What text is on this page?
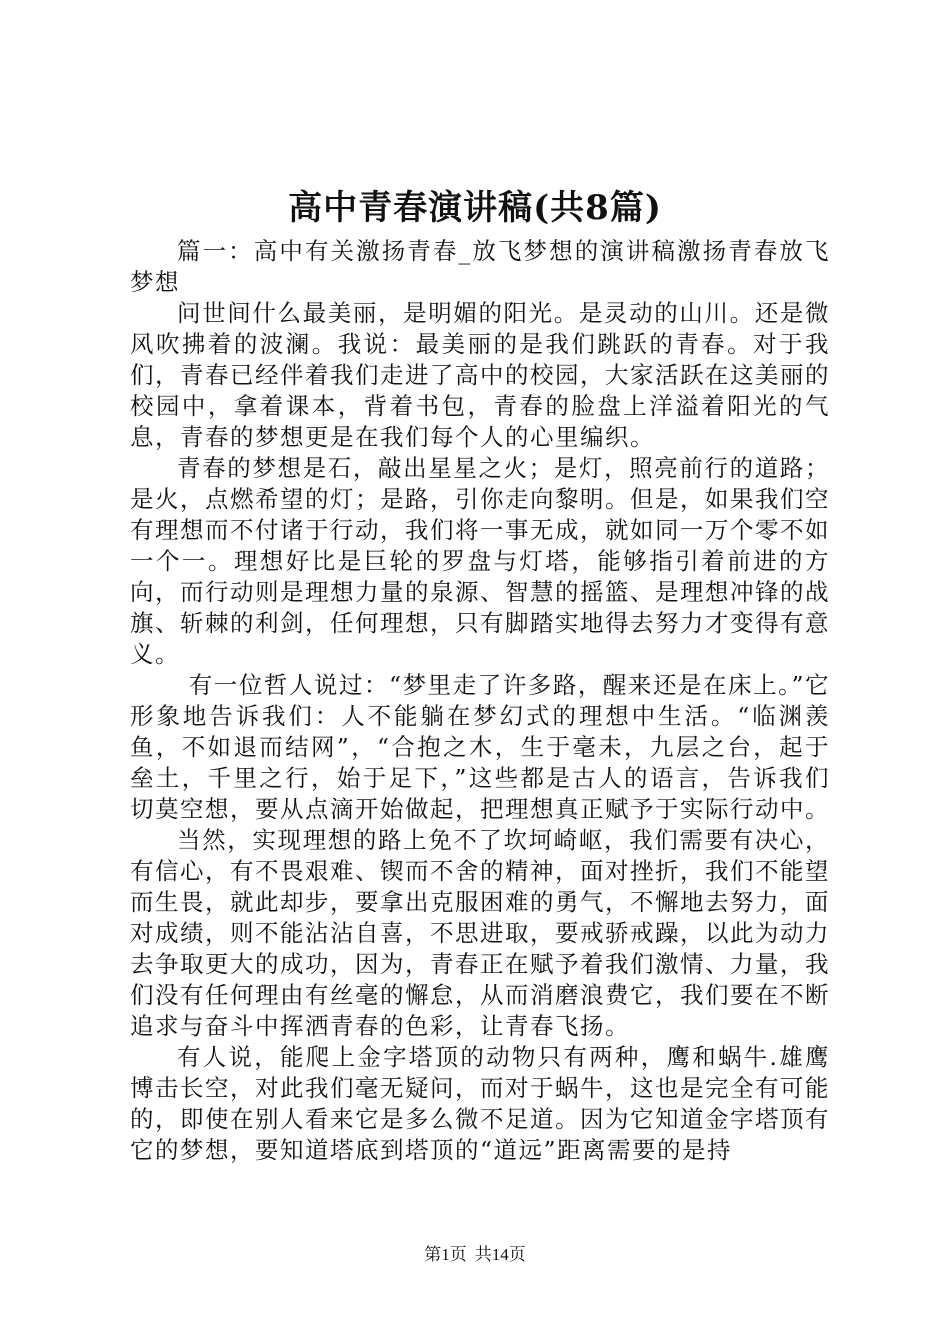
高中青春演讲稿(共8篇)

篇一：高中有关激扬青春_放飞梦想的演讲稿激扬青春放飞梦想

问世间什么最美丽，是明媚的阳光。是灵动的山川。还是微风吹拂着的波澜。我说：最美丽的是我们跳跃的青春。对于我们，青春已经伴着我们走进了高中的校园，大家活跃在这美丽的校园中，拿着课本，背着书包，青春的脸盘上洋溢着阳光的气息，青春的梦想更是在我们每个人的心里编织。

青春的梦想是石，敲出星星之火；是灯，照亮前行的道路；是火，点燃希望的灯；是路，引你走向黎明。但是，如果我们空有理想而不付诸于行动，我们将一事无成，就如同一万个零不如一个一。理想好比是巨轮的罗盘与灯塔，能够指引着前进的方向，而行动则是理想力量的泉源、智慧的摇篮、是理想冲锋的战旗、斩棘的利剑，任何理想，只有脚踏实地得去努力才变得有意义。

有一位哲人说过：“梦里走了许多路，醒来还是在床上。”它形象地告诉我们：人不能躺在梦幻式的理想中生活。“临渊羡鱼，不如退而结网”，“合抱之木，生于毫未，九层之台，起于垒土，千里之行，始于足下，”这些都是古人的语言，告诉我们切莫空想，要从点滴开始做起，把理想真正赋予于实际行动中。

当然，实现理想的路上免不了坎坷崎岖，我们需要有决心，有信心，有不畏艰难、锲而不舍的精神，面对挫折，我们不能望而生畏，就此却步，要拿出克服困难的勇气，不懈地去努力，面对成绩，则不能沾沾自喜，不思进取，要戒骄戒躁，以此为动力去争取更大的成功，因为，青春正在赋予着我们激情、力量，我们没有任何理由有丝毫的懈怠，从而消磨浪费它，我们要在不断追求与奋斗中挥洒青春的色彩，让青春飞扬。

有人说，能爬上金字塔顶的动物只有两种，鹰和蜗牛.雄鹰博击长空，对此我们毫无疑问，而对于蜗牛，这也是完全有可能的，即使在别人看来它是多么微不足道。因为它知道金字塔顶有它的梦想，要知道塔底到塔顶的“道远”距离需要的是持

第1页 共14页
